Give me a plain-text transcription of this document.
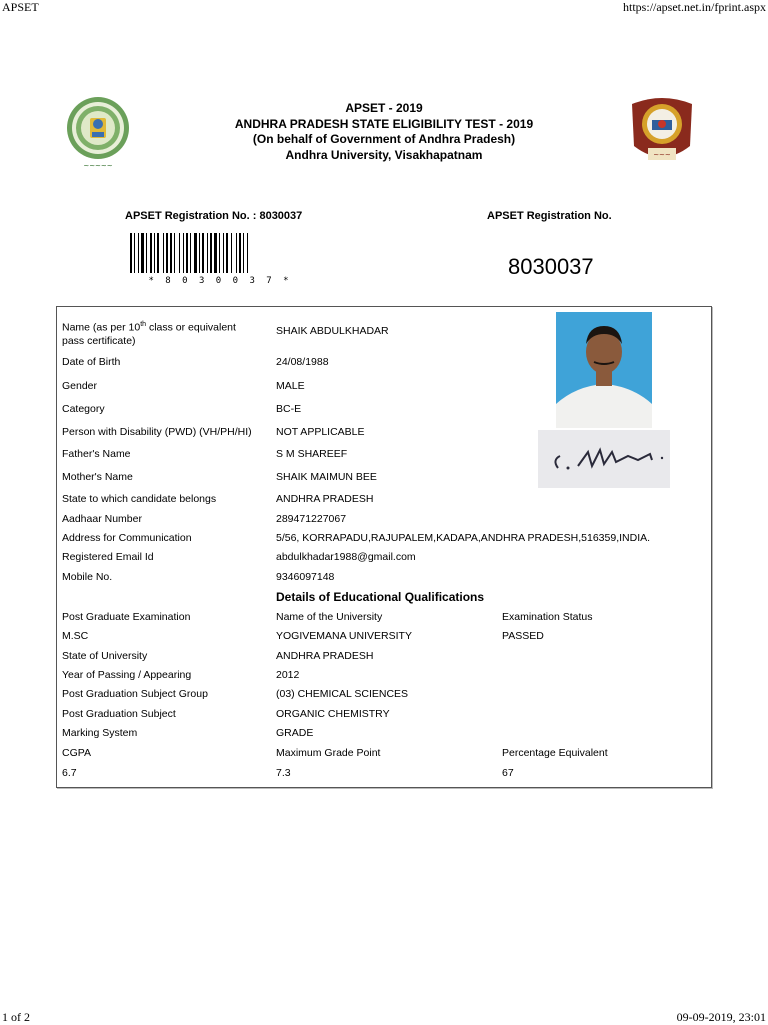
APSET	https://apset.net.in/fprint.aspx
1 of 2	09-09-2019, 23:01
~~~~~
~~~
APSET - 2019
ANDHRA PRADESH STATE ELIGIBILITY TEST - 2019
(On behalf of Government of Andhra Pradesh)
Andhra University, Visakhapatnam
APSET Registration No. : 8030037	APSET Registration No.
* 8 0 3 0 0 3 7 *
8030037
Name (as per 10th class or equivalent
pass certificate)
SHAIK ABDULKHADAR
Date of Birth	24/08/1988
Gender	MALE
Category	BC-E
Person with Disability (PWD) (VH/PH/HI) NOT APPLICABLE
Father's Name	S M SHAREEF
Mother's Name	SHAIK MAIMUN BEE
State to which candidate belongs	ANDHRA PRADESH
Aadhaar Number	289471227067
Address for Communication	5/56, KORRAPADU,RAJUPALEM,KADAPA,ANDHRA PRADESH,516359,INDIA.
Registered Email Id	abdulkhadar1988@gmail.com
Mobile No.	9346097148
Details of Educational Qualifications
Post Graduate Examination	Name of the University	Examination Status
M.SC	YOGIVEMANA UNIVERSITY	PASSED
State of University	ANDHRA PRADESH
Year of Passing / Appearing	2012
Post Graduation Subject Group	(03) CHEMICAL SCIENCES
Post Graduation Subject	ORGANIC CHEMISTRY
Marking System	GRADE
CGPA	Maximum Grade Point	Percentage Equivalent
6.7	7.3	67
